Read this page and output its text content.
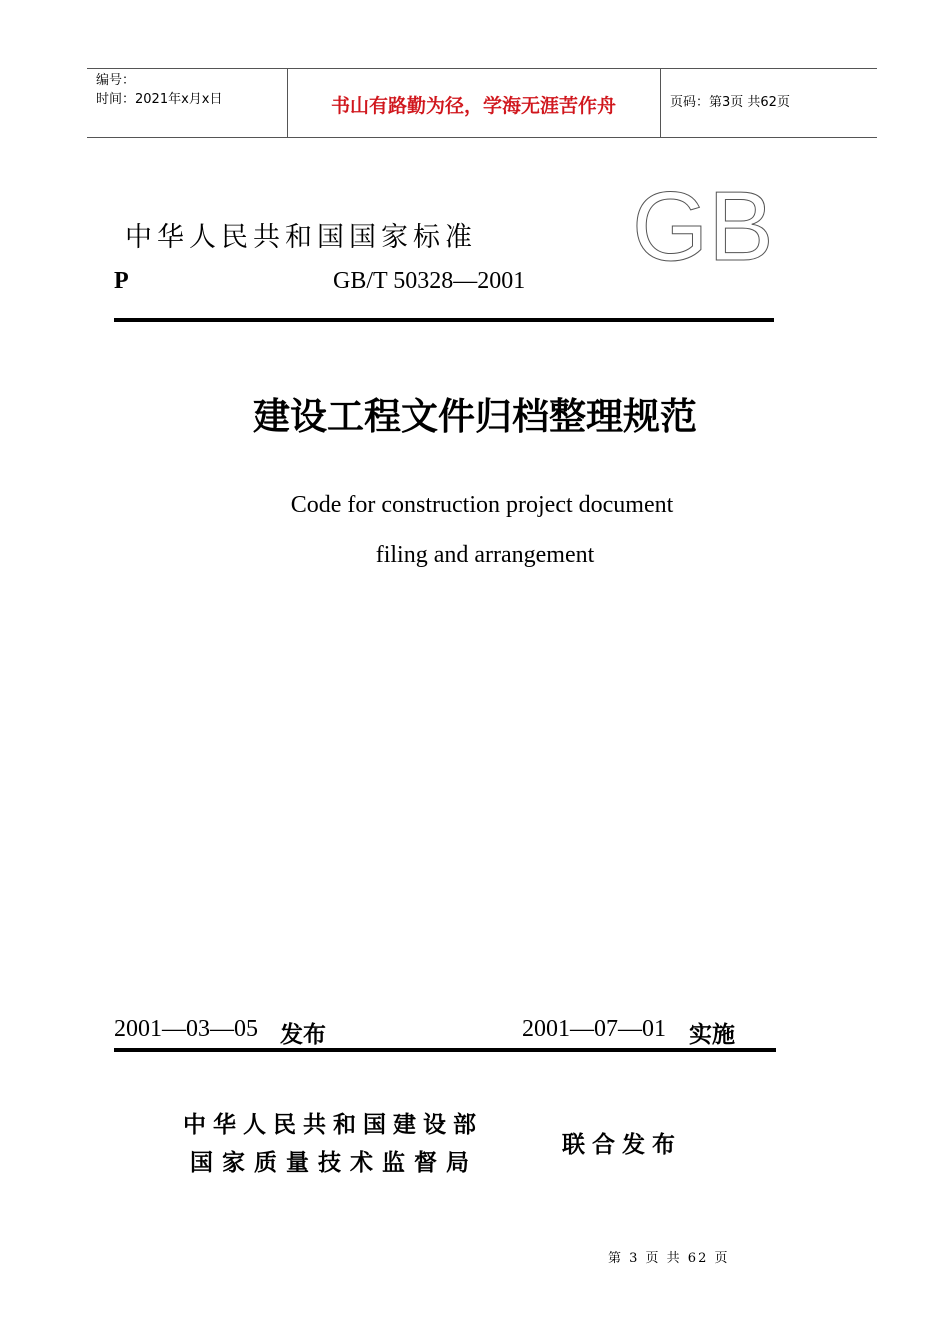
编号：
时间：2021年x月x日	书山有路勤为径，学海无涯苦作舟	页码：第3页 共62页
中华人民共和国国家标准 GB
P	GB/T 50328—2001
建设工程文件归档整理规范
Code for construction project document
filing and arrangement
2001—03—05 发布	2001—07—01 实施
中华人民共和国建设部
国家质量技术监督局
联合发布
第 3 页 共 62 页
